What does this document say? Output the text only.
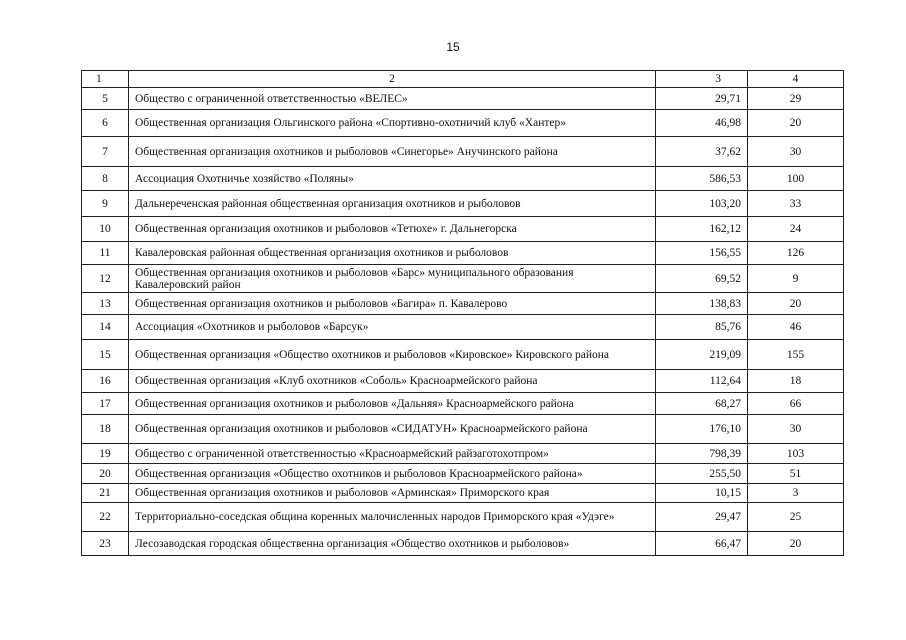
15
1	2	3	4
5	Общество с ограниченной ответственностью «ВЕЛЕС»	29,71	29
6	Общественная организация Ольгинского района «Спортивно-охотничий клуб «Хантер»	46,98	20
7	Общественная организация охотников и рыболовов «Синегорье» Анучинского района	37,62	30
8	Ассоциация Охотничье хозяйство «Поляны»	586,53	100
9	Дальнереченская районная общественная организация охотников и рыболовов	103,20	33
10	Общественная организация охотников и рыболовов «Тетюхе» г. Дальнегорска	162,12	24
11	Кавалеровская районная общественная организация охотников и рыболовов	156,55	126
12	Общественная организация охотников и рыболовов «Барс» муниципального образования Кавалеровский район	69,52	9
13	Общественная организация охотников и рыболовов «Багира» п. Кавалерово	138,83	20
14	Ассоциация «Охотников и рыболовов «Барсук»	85,76	46
15	Общественная организация «Общество охотников и рыболовов «Кировское» Кировского района	219,09	155
16	Общественная организация «Клуб охотников «Соболь» Красноармейского района	112,64	18
17	Общественная организация охотников и рыболовов «Дальняя» Красноармейского района	68,27	66
18	Общественная организация охотников и рыболовов «СИДАТУН» Красноармейского района	176,10	30
19	Общество с ограниченной ответственностью «Красноармейский райзаготохотпром»	798,39	103
20	Общественная организация «Общество охотников и рыболовов Красноармейского района»	255,50	51
21	Общественная организация охотников и рыболовов «Арминская» Приморского края	10,15	3
22	Территориально-соседская община коренных малочисленных народов Приморского края «Удэге»	29,47	25
23	Лесозаводская городская общественна организация «Общество охотников и рыболовов»	66,47	20
